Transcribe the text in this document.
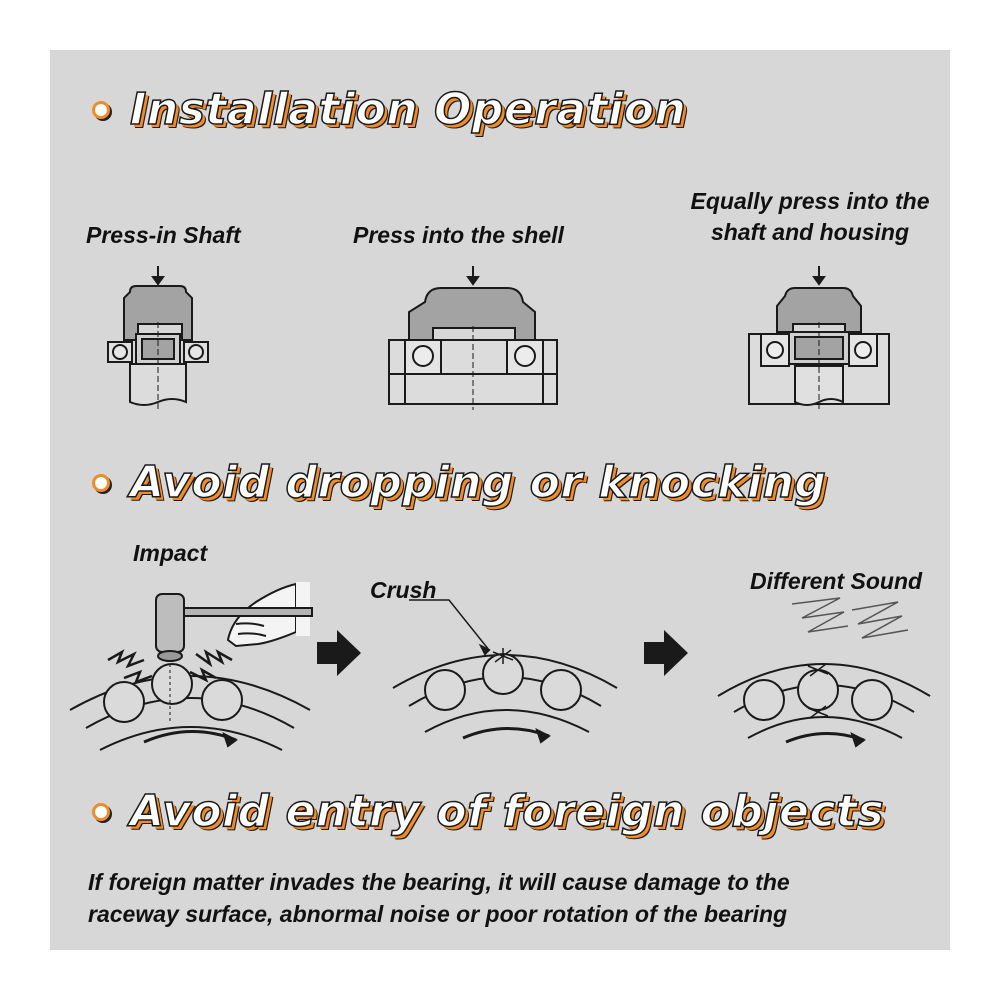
Installation Operation
Press-in Shaft	Press into the shell
Equally press into the
shaft and housing
Avoid dropping or knocking
Impact
Crush	Different Sound
Avoid entry of foreign objects
If foreign matter invades the bearing, it will cause damage to the
raceway surface, abnormal noise or poor rotation of the bearing
